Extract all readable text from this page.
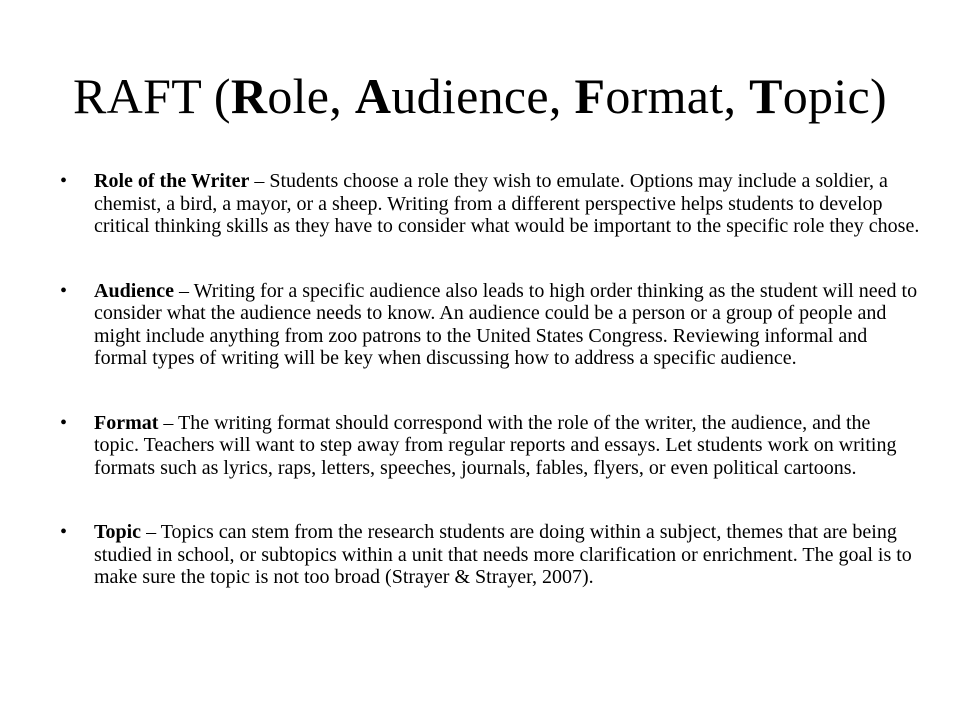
RAFT (Role, Audience, Format, Topic)
• Role of the Writer – Students choose a role they wish to emulate. Options may include a soldier, a chemist, a bird, a mayor, or a sheep. Writing from a different perspective helps students to develop critical thinking skills as they have to consider what would be important to the specific role they chose.
• Audience – Writing for a specific audience also leads to high order thinking as the student will need to consider what the audience needs to know. An audience could be a person or a group of people and might include anything from zoo patrons to the United States Congress. Reviewing informal and formal types of writing will be key when discussing how to address a specific audience.
• Format – The writing format should correspond with the role of the writer, the audience, and the topic. Teachers will want to step away from regular reports and essays. Let students work on writing formats such as lyrics, raps, letters, speeches, journals, fables, flyers, or even political cartoons.
• Topic – Topics can stem from the research students are doing within a subject, themes that are being studied in school, or subtopics within a unit that needs more clarification or enrichment. The goal is to make sure the topic is not too broad (Strayer & Strayer, 2007).
